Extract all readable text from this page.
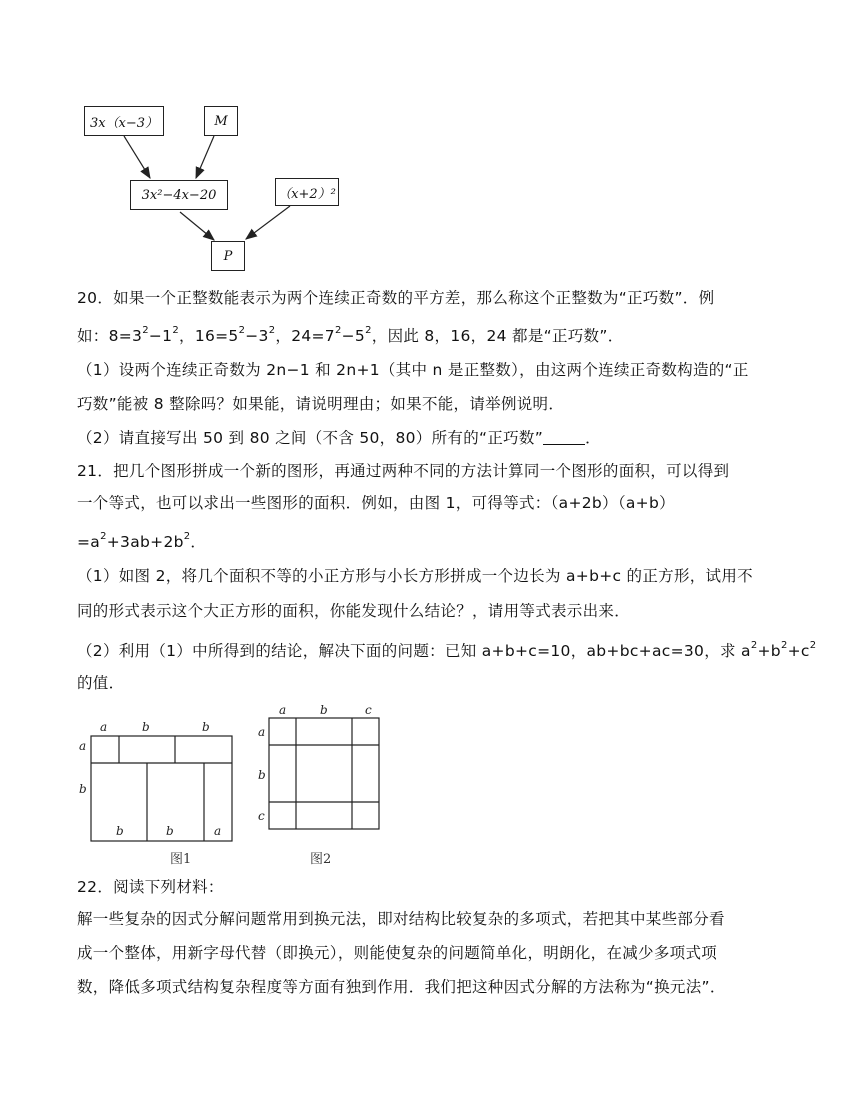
3x（x−3）	M
3x²−4x−20	（x+2）²
P
20．如果一个正整数能表示为两个连续正奇数的平方差，那么称这个正整数为“正巧数”．例
如：$8=3^2-1^2$，$16=5^2-3^2$，$24=7^2-5^2$，因此 8，16，24 都是“正巧数”．
（1）设两个连续正奇数为 2n−1 和 2n+1（其中 n 是正整数），由这两个连续正奇数构造的“正
巧数”能被 8 整除吗？如果能，请说明理由；如果不能，请举例说明．
（2）请直接写出 50 到 80 之间（不含 50，80）所有的“正巧数”	．
21．把几个图形拼成一个新的图形，再通过两种不同的方法计算同一个图形的面积，可以得到
一个等式，也可以求出一些图形的面积．例如，由图 1，可得等式：（a+2b）（a+b）
$=a^2+3ab+2b^2$．
（1）如图 2，将几个面积不等的小正方形与小长方形拼成一个边长为 a+b+c 的正方形，试用不
同的形式表示这个大正方形的面积，你能发现什么结论？，请用等式表示出来．
（2）利用（1）中所得到的结论，解决下面的问题：已知 a+b+c=10，ab+bc+ac=30，求 $a^2+b^2+c^2$
的值．
a	b	b
a
b
b	b	a
图1
a	b	c
a
b
c
图2
22．阅读下列材料：
解一些复杂的因式分解问题常用到换元法，即对结构比较复杂的多项式，若把其中某些部分看
成一个整体，用新字母代替（即换元），则能使复杂的问题简单化，明朗化，在减少多项式项
数，降低多项式结构复杂程度等方面有独到作用．我们把这种因式分解的方法称为“换元法”．
